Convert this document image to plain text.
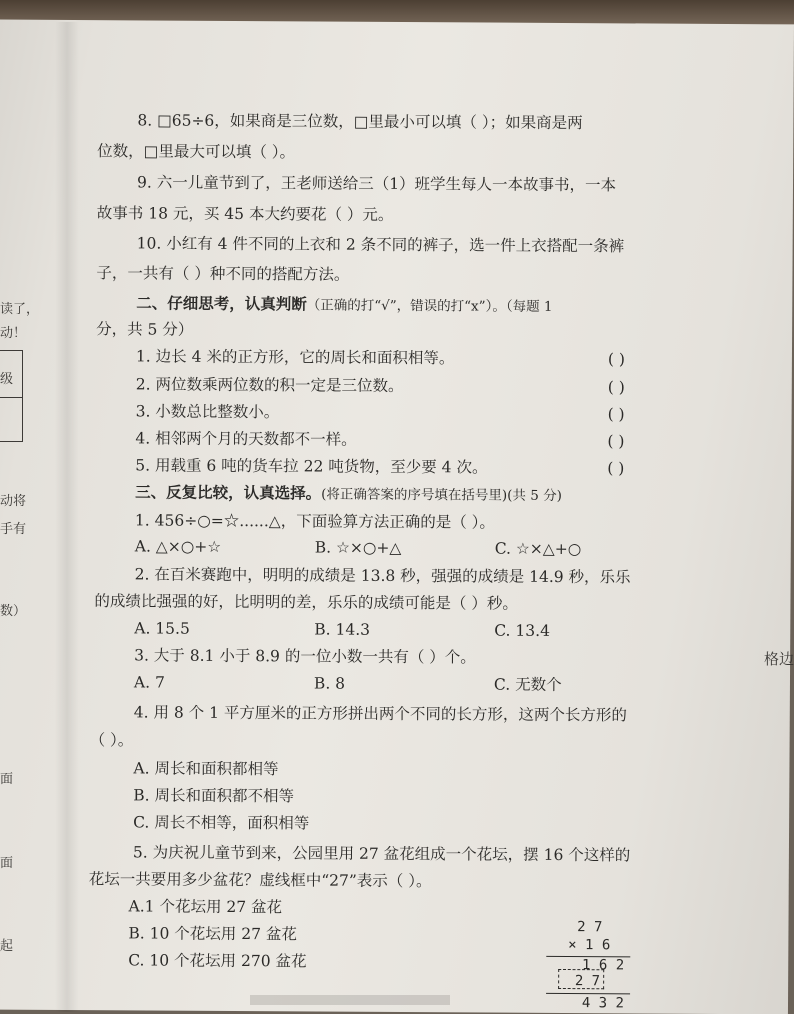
8. □65÷6，如果商是三位数，□里最小可以填（ ）；如果商是两
位数，□里最大可以填（ ）。
9. 六一儿童节到了，王老师送给三（1）班学生每人一本故事书，一本
故事书 18 元，买 45 本大约要花（ ）元。
10. 小红有 4 件不同的上衣和 2 条不同的裤子，选一件上衣搭配一条裤
子，一共有（ ）种不同的搭配方法。
二、仔细思考，认真判断（正确的打“√”，错误的打“x”）。（每题 1
分，共 5 分）
1. 边长 4 米的正方形，它的周长和面积相等。	( )
2. 两位数乘两位数的积一定是三位数。	( )
3. 小数总比整数小。	( )
4. 相邻两个月的天数都不一样。	( )
5. 用载重 6 吨的货车拉 22 吨货物，至少要 4 次。	( )
三、反复比较，认真选择。(将正确答案的序号填在括号里)(共 5 分)
1. 456÷○=☆......△，下面验算方法正确的是（ ）。
A. △×○+☆	B. ☆×○+△	C. ☆×△+○
2. 在百米赛跑中，明明的成绩是 13.8 秒，强强的成绩是 14.9 秒，乐乐
的成绩比强强的好，比明明的差，乐乐的成绩可能是（ ）秒。
A. 15.5	B. 14.3	C. 13.4
3. 大于 8.1 小于 8.9 的一位小数一共有（ ）个。
A. 7	B. 8	C. 无数个
4. 用 8 个 1 平方厘米的正方形拼出两个不同的长方形，这两个长方形的
（ ）。
A. 周长和面积都相等
B. 周长和面积都不相等
C. 周长不相等，面积相等
5. 为庆祝儿童节到来，公园里用 27 盆花组成一个花坛，摆 16 个这样的
花坛一共要用多少盆花？虚线框中“27”表示（ ）。
A.1 个花坛用 27 盆花
B. 10 个花坛用 27 盆花
C. 10 个花坛用 270 盆花
2 7
× 1 6
1 6 2
2 7
4 3 2
读了，
动！
级
动将
手有
数）
面
面
起
格边
